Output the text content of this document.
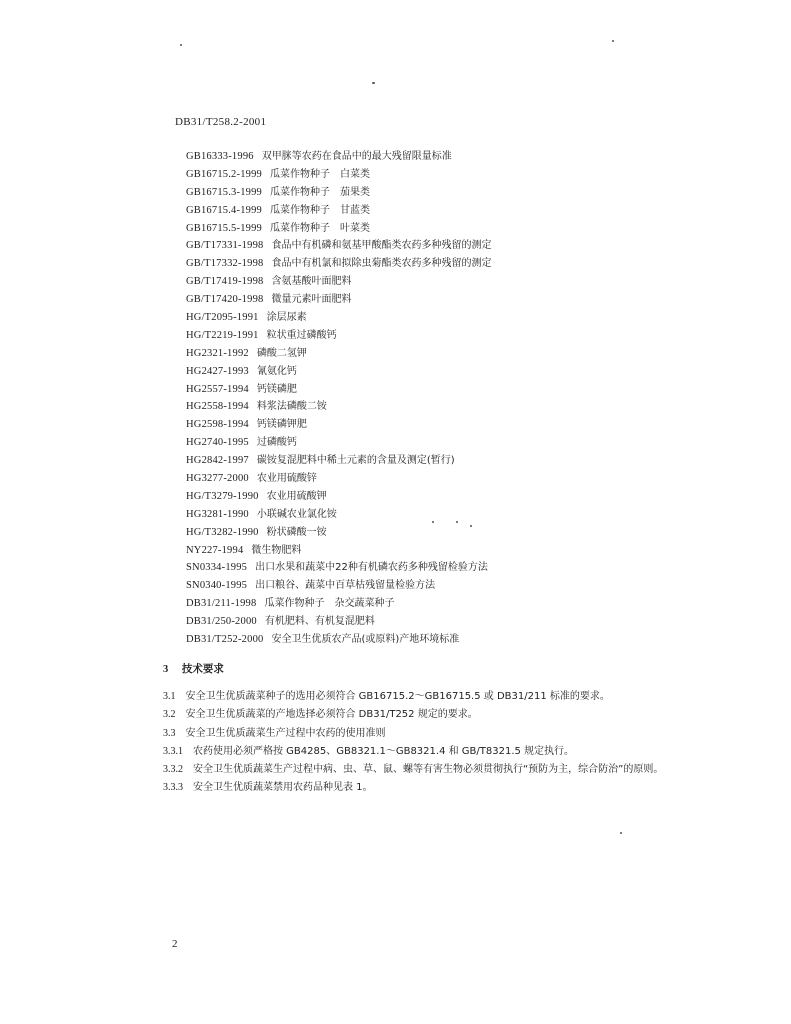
DB31/T258.2-2001
GB16333-1996 双甲脒等农药在食品中的最大残留限量标准
GB16715.2-1999 瓜菜作物种子　白菜类
GB16715.3-1999 瓜菜作物种子　茄果类
GB16715.4-1999 瓜菜作物种子　甘蓝类
GB16715.5-1999 瓜菜作物种子　叶菜类
GB/T17331-1998 食品中有机磷和氨基甲酸酯类农药多种残留的测定
GB/T17332-1998 食品中有机氯和拟除虫菊酯类农药多种残留的测定
GB/T17419-1998 含氨基酸叶面肥料
GB/T17420-1998 微量元素叶面肥料
HG/T2095-1991 涂层尿素
HG/T2219-1991 粒状重过磷酸钙
HG2321-1992 磷酸二氢钾
HG2427-1993 氰氨化钙
HG2557-1994 钙镁磷肥
HG2558-1994 料浆法磷酸二铵
HG2598-1994 钙镁磷钾肥
HG2740-1995 过磷酸钙
HG2842-1997 碳铵复混肥料中稀土元素的含量及测定(暂行)
HG3277-2000 农业用硫酸锌
HG/T3279-1990 农业用硫酸钾
HG3281-1990 小联碱农业氯化铵
HG/T3282-1990 粉状磷酸一铵
NY227-1994 微生物肥料
SN0334-1995 出口水果和蔬菜中22种有机磷农药多种残留检验方法
SN0340-1995 出口粮谷、蔬菜中百草枯残留量检验方法
DB31/211-1998 瓜菜作物种子　杂交蔬菜种子
DB31/250-2000 有机肥料、有机复混肥料
DB31/T252-2000 安全卫生优质农产品(或原料)产地环境标准
3 技术要求
3.1 安全卫生优质蔬菜种子的选用必须符合 GB16715.2～GB16715.5 或 DB31/211 标准的要求。
3.2 安全卫生优质蔬菜的产地选择必须符合 DB31/T252 规定的要求。
3.3 安全卫生优质蔬菜生产过程中农药的使用准则
3.3.1 农药使用必须严格按 GB4285、GB8321.1～GB8321.4 和 GB/T8321.5 规定执行。
3.3.2 安全卫生优质蔬菜生产过程中病、虫、草、鼠、螺等有害生物必须贯彻执行“预防为主，综合防治”的原则。
3.3.3 安全卫生优质蔬菜禁用农药品种见表 1。
2
